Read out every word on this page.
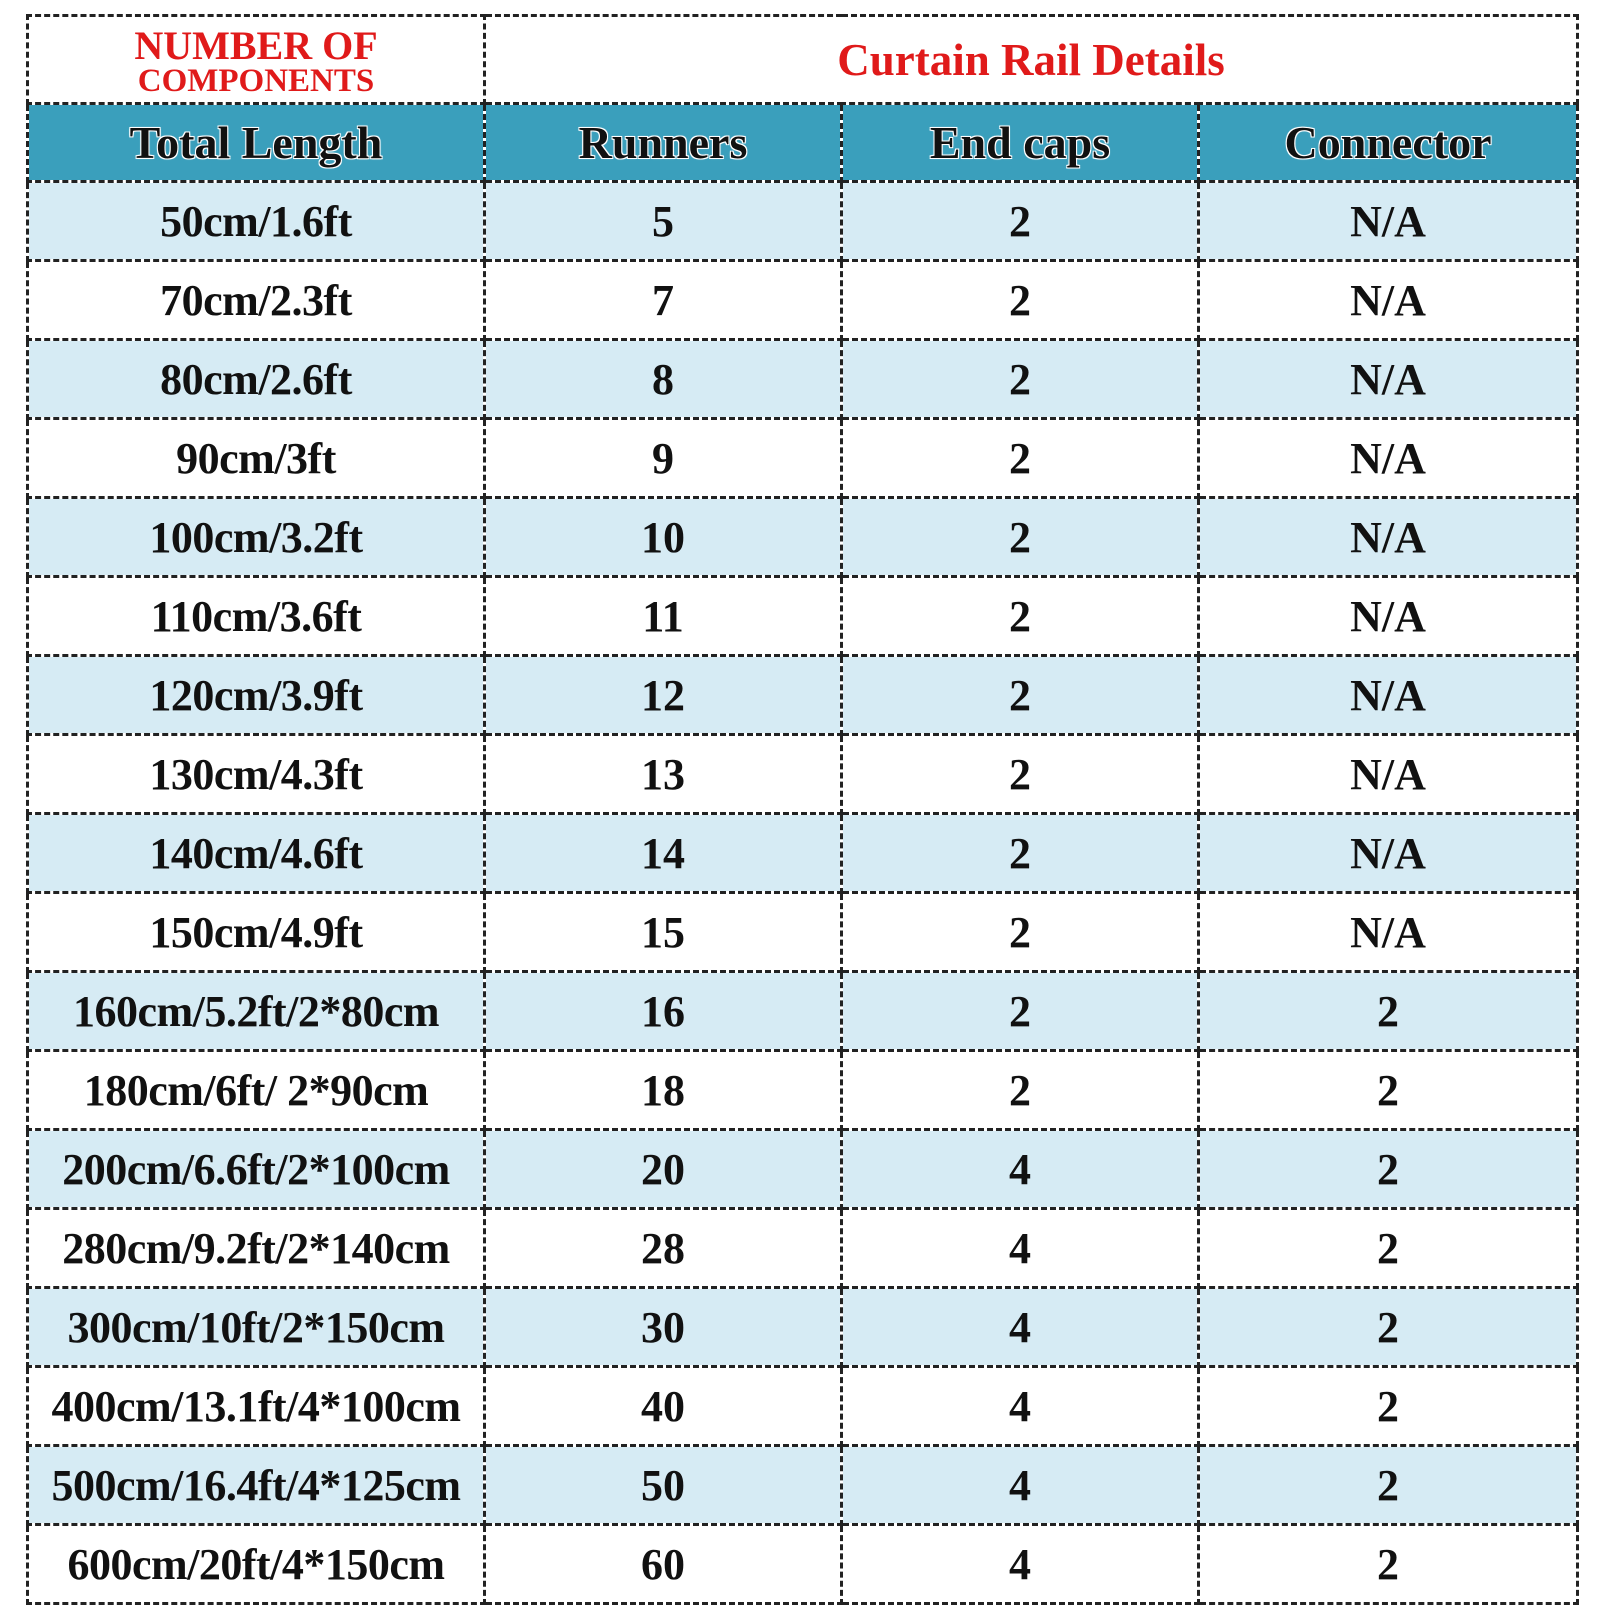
NUMBER OF
COMPONENTS	Curtain Rail Details		
Total Length	Runners	End caps	Connector
50cm/1.6ft	5	2	N/A
70cm/2.3ft	7	2	N/A
80cm/2.6ft	8	2	N/A
90cm/3ft	9	2	N/A
100cm/3.2ft	10	2	N/A
110cm/3.6ft	11	2	N/A
120cm/3.9ft	12	2	N/A
130cm/4.3ft	13	2	N/A
140cm/4.6ft	14	2	N/A
150cm/4.9ft	15	2	N/A
160cm/5.2ft/2*80cm	16	2	2
180cm/6ft/ 2*90cm	18	2	2
200cm/6.6ft/2*100cm	20	4	2
280cm/9.2ft/2*140cm	28	4	2
300cm/10ft/2*150cm	30	4	2
400cm/13.1ft/4*100cm	40	4	2
500cm/16.4ft/4*125cm	50	4	2
600cm/20ft/4*150cm	60	4	2
